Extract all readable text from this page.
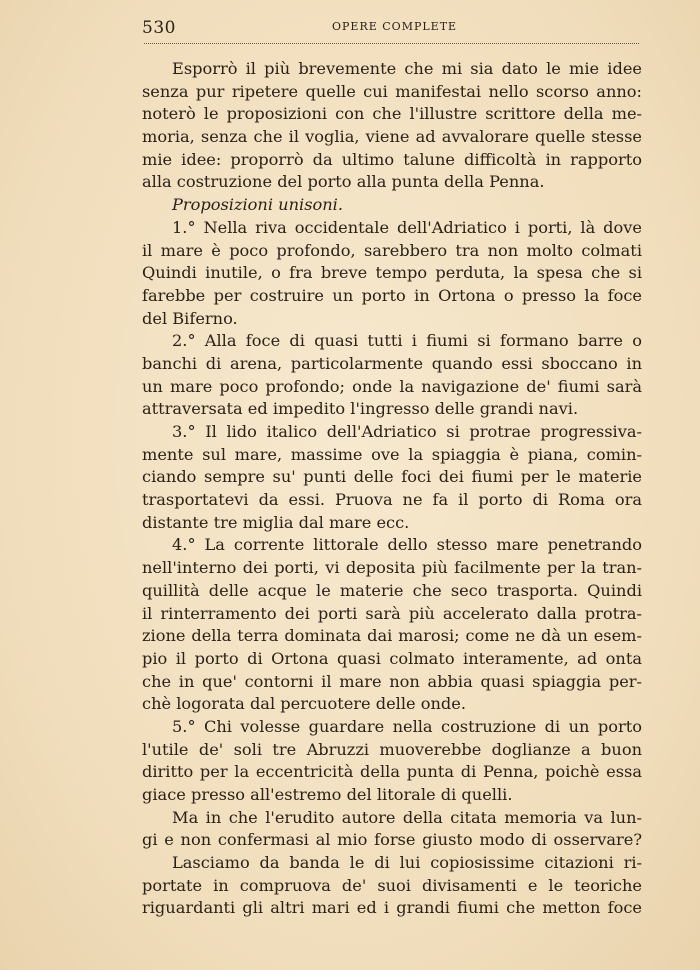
530	OPERE COMPLETE
Esporrò il più brevemente che mi sia dato le mie idee
senza pur ripetere quelle cui manifestai nello scorso anno:
noterò le proposizioni con che l'illustre scrittore della me-
moria, senza che il voglia, viene ad avvalorare quelle stesse
mie idee: proporrò da ultimo talune difficoltà in rapporto
alla costruzione del porto alla punta della Penna.
Proposizioni unisoni.
1.° Nella riva occidentale dell'Adriatico i porti, là dove
il mare è poco profondo, sarebbero tra non molto colmati
Quindi inutile, o fra breve tempo perduta, la spesa che si
farebbe per costruire un porto in Ortona o presso la foce
del Biferno.
2.° Alla foce di quasi tutti i fiumi si formano barre o
banchi di arena, particolarmente quando essi sboccano in
un mare poco profondo; onde la navigazione de' fiumi sarà
attraversata ed impedito l'ingresso delle grandi navi.
3.° Il lido italico dell'Adriatico si protrae progressiva-
mente sul mare, massime ove la spiaggia è piana, comin-
ciando sempre su' punti delle foci dei fiumi per le materie
trasportatevi da essi. Pruova ne fa il porto di Roma ora
distante tre miglia dal mare ecc.
4.° La corrente littorale dello stesso mare penetrando
nell'interno dei porti, vi deposita più facilmente per la tran-
quillità delle acque le materie che seco trasporta. Quindi
il rinterramento dei porti sarà più accelerato dalla protra-
zione della terra dominata dai marosi; come ne dà un esem-
pio il porto di Ortona quasi colmato interamente, ad onta
che in que' contorni il mare non abbia quasi spiaggia per-
chè logorata dal percuotere delle onde.
5.° Chi volesse guardare nella costruzione di un porto
l'utile de' soli tre Abruzzi muoverebbe doglianze a buon
diritto per la eccentricità della punta di Penna, poichè essa
giace presso all'estremo del litorale di quelli.
Ma in che l'erudito autore della citata memoria va lun-
gi e non confermasi al mio forse giusto modo di osservare?
Lasciamo da banda le di lui copiosissime citazioni ri-
portate in compruova de' suoi divisamenti e le teoriche
riguardanti gli altri mari ed i grandi fiumi che metton foce
